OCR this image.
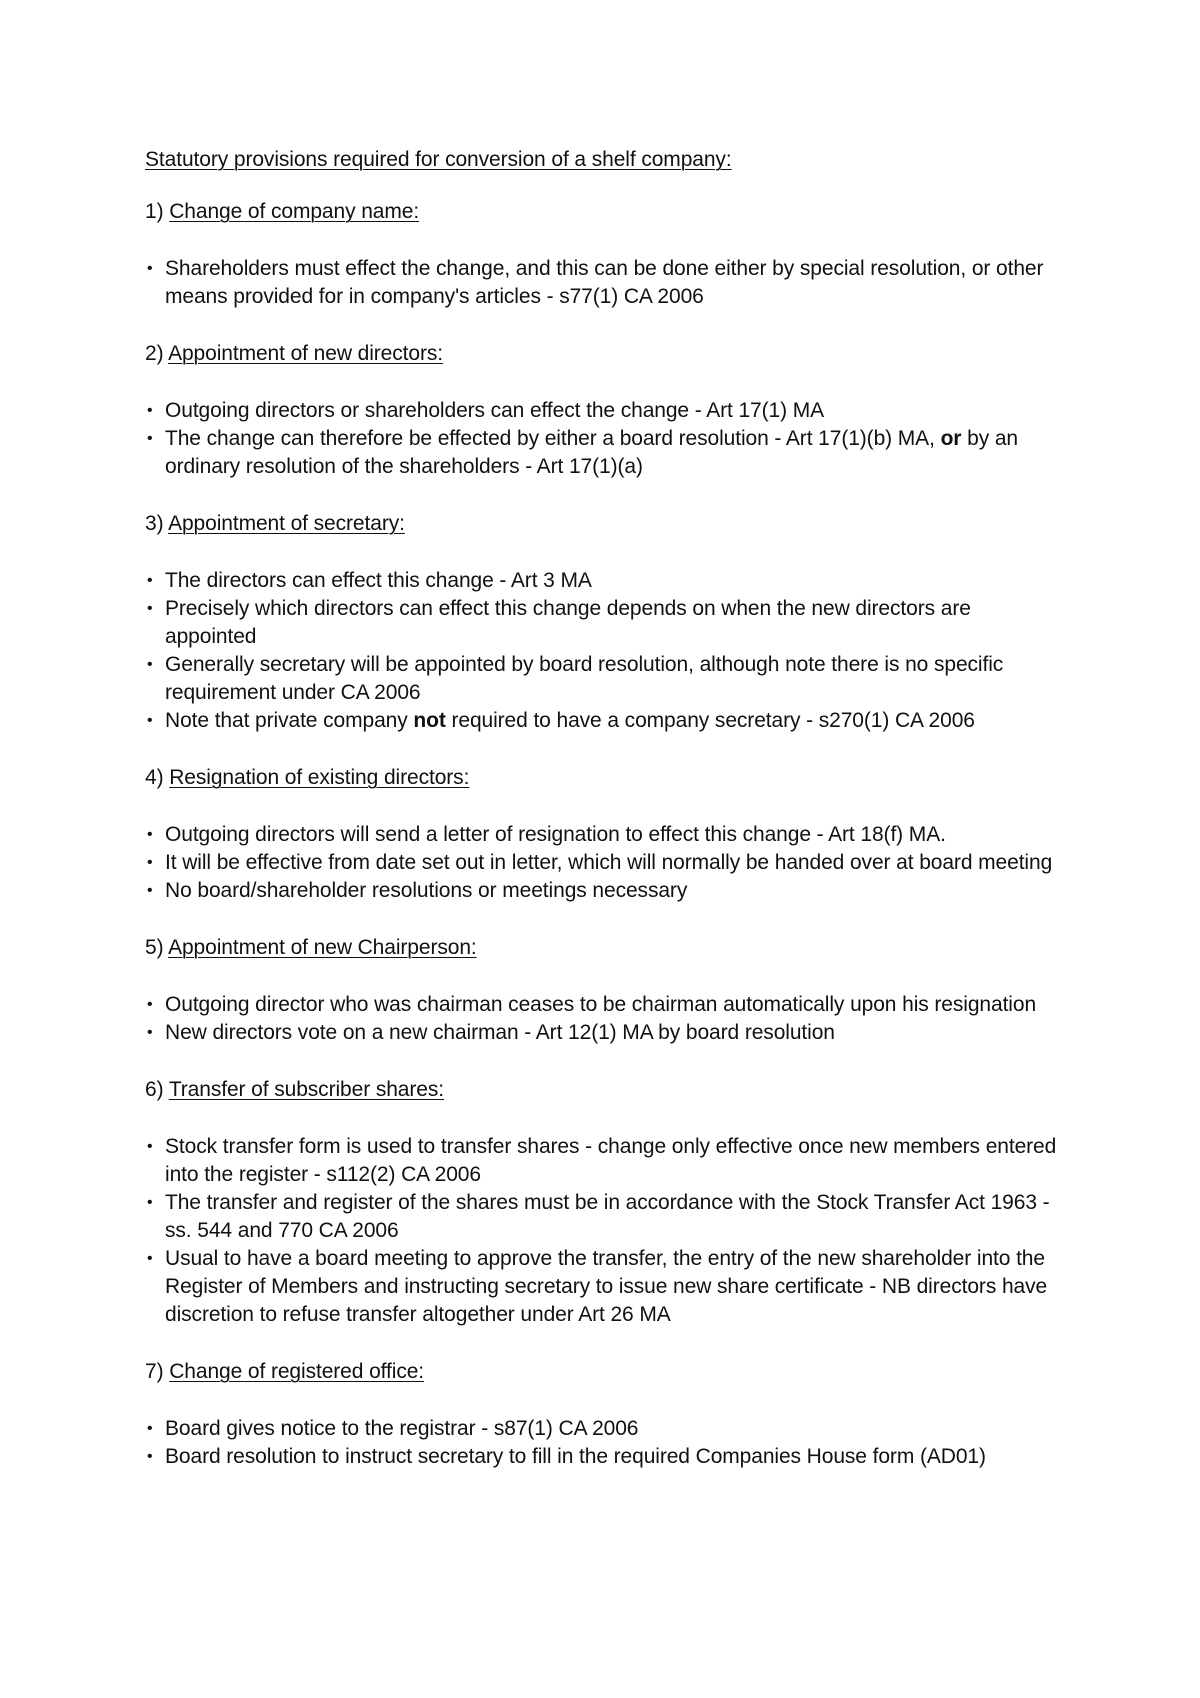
Statutory provisions required for conversion of a shelf company:
1) Change of company name:
• Shareholders must effect the change, and this can be done either by special resolution, or other means provided for in company's articles - s77(1) CA 2006
2) Appointment of new directors:
• Outgoing directors or shareholders can effect the change - Art 17(1) MA
• The change can therefore be effected by either a board resolution - Art 17(1)(b) MA, or by an ordinary resolution of the shareholders - Art 17(1)(a)
3) Appointment of secretary:
• The directors can effect this change - Art 3 MA
• Precisely which directors can effect this change depends on when the new directors are appointed
• Generally secretary will be appointed by board resolution, although note there is no specific requirement under CA 2006
• Note that private company not required to have a company secretary - s270(1) CA 2006
4) Resignation of existing directors:
• Outgoing directors will send a letter of resignation to effect this change - Art 18(f) MA.
• It will be effective from date set out in letter, which will normally be handed over at board meeting
• No board/shareholder resolutions or meetings necessary
5) Appointment of new Chairperson:
• Outgoing director who was chairman ceases to be chairman automatically upon his resignation
• New directors vote on a new chairman - Art 12(1) MA by board resolution
6) Transfer of subscriber shares:
• Stock transfer form is used to transfer shares - change only effective once new members entered into the register - s112(2) CA 2006
• The transfer and register of the shares must be in accordance with the Stock Transfer Act 1963 - ss. 544 and 770 CA 2006
• Usual to have a board meeting to approve the transfer, the entry of the new shareholder into the Register of Members and instructing secretary to issue new share certificate - NB directors have discretion to refuse transfer altogether under Art 26 MA
7) Change of registered office:
• Board gives notice to the registrar - s87(1) CA 2006
• Board resolution to instruct secretary to fill in the required Companies House form (AD01)
